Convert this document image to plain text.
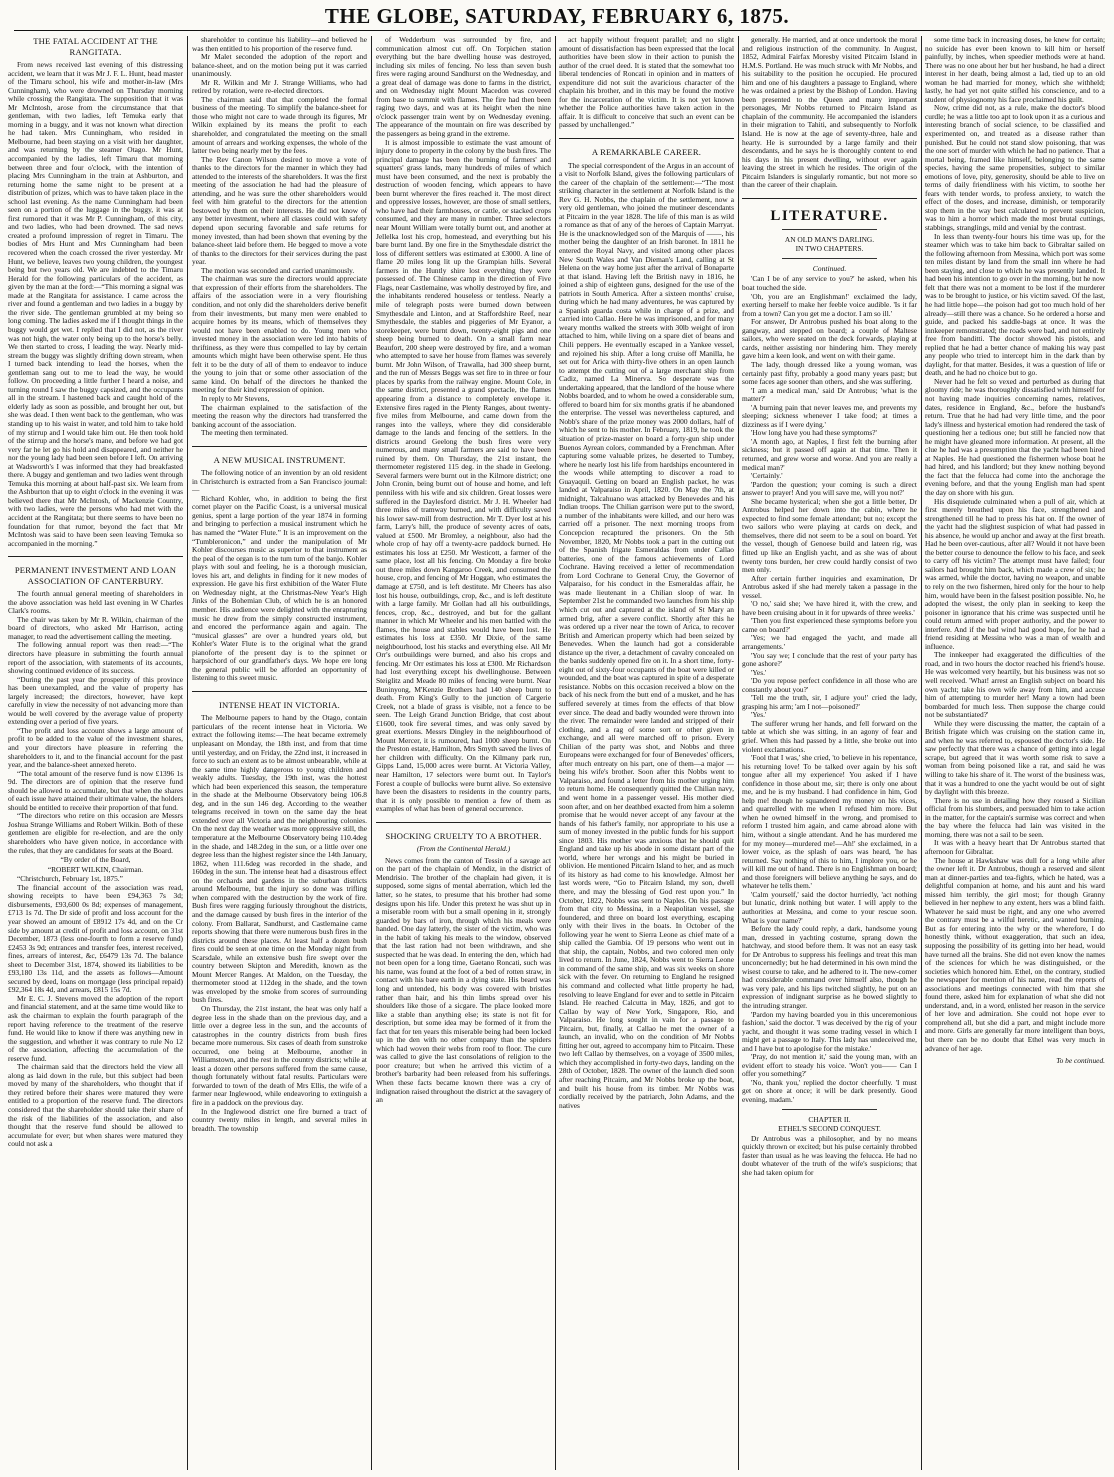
THE GLOBE, SATURDAY, FEBRUARY 6, 1875.
THE FATAL ACCIDENT AT THE RANGITATA.

From news received last evening of this distressing accident, we learn that it was Mr J. F. L. Hunt, head master of the Timaru school, his wife and mother-in-law (Mrs Cunningham), who were drowned on Thursday morning while crossing the Rangitata. The supposition that it was Mr McIntosh, arose from the circumstance that that gentleman, with two ladies, left Temuka early that morning in a buggy, and it was not known what direction he had taken. Mrs Cunningham, who resided in Melbourne, had been staying on a visit with her daughter, and was returning by the steamer Otago. Mr Hunt, accompanied by the ladies, left Timaru that morning between three and four o'clock, with the intention of placing Mrs Cunningham in the train at Ashburton, and returning home the same night to be present at a distribution of prizes, which was to have taken place in the school last evening. As the name Cunningham had been seen on a portion of the luggage in the buggy, it was at first rumored that it was Mr P. Cunningham, of this city, and two ladies, who had been drowned. The sad news created a profound impression of regret in Timaru. The bodies of Mrs Hunt and Mrs Cunningham had been recovered when the coach crossed the river yesterday. Mr Hunt, we believe, leaves two young children, the youngest being but two years old. We are indebted to the Timaru Herald for the following particulars of the accident, as given by the man at the ford:—“This morning a signal was made at the Rangitata for assistance. I came across the river and found a gentleman and two ladies in a buggy by the river side. The gentleman grumbled at my being so long coming. The ladies asked me if I thought things in the buggy would get wet. I replied that I did not, as the river was not high, the water only being up to the horse's belly. We then started to cross, I leading the way. Nearly mid-stream the buggy was slightly drifting down stream, when I turned back intending to lead the horses, when the gentleman sang out to me to lead the way, he would follow. On proceeding a little further I heard a noise, and turning round I saw the buggy capsized, and the occupants all in the stream. I hastened back and caught hold of the elderly lady as soon as possible, and brought her out, but she was dead. I then went back to the gentleman, who was standing up to his waist in water, and told him to take hold of my stirrup and I would take him out. He then took hold of the stirrup and the horse's mane, and before we had got very far he let go his hold and disappeared, and neither he nor the young lady had been seen before I left. On arriving at Wadsworth's I was informed that they had breakfasted there. A buggy and gentleman and two ladies went through Temuka this morning at about half-past six. We learn from the Ashburton that up to eight o'clock in the evening it was believed there that Mr McIntosh, of Mackenzie Country, with two ladies, were the persons who had met with the accident at the Rangitata; but there seems to have been no foundation for that rumor, beyond the fact that Mr McIntosh was said to have been seen leaving Temuka so accompanied in the morning.”

PERMANENT INVESTMENT AND LOAN ASSOCIATION OF CANTERBURY.

The fourth annual general meeting of shareholders in the above association was held last evening in W Charles Clark's rooms.

The chair was taken by Mr R. Wilkin, chairman of the board of directors, who asked Mr Harrison, acting manager, to read the advertisement calling the meeting.

The following annual report was then read:—“The directors have pleasure in submitting the fourth annual report of the association, with statements of its accounts, showing continued evidence of its success.

“During the past year the prosperity of this province has been unexampled, and the value of property has largely increased; the directors, however, have kept carefully in view the necessity of not advancing more than would be well covered by the average value of property extending over a period of five years.

“The profit and loss account shows a large amount of profit to be added to the value of the investment shares, and your directors have pleasure in referring the shareholders to it, and to the financial account for the past year, and the balance-sheet annexed hereto.

“The total amount of the reserve fund is now £1396 1s 9d. The directors are of opinion that the reserve fund should be allowed to accumulate, but that when the shares of each issue have attained their ultimate value, the holders should be entitled to receive their proportion of that fund.

“The directors who retire on this occasion are Messrs Joshua Strange Williams and Robert Wilkin. Both of these gentlemen are eligible for re-election, and are the only shareholders who have given notice, in accordance with the rules, that they are candidates for seats at the Board.

“By order of the Board,

“ROBERT WILKIN, Chairman.

“Christchurch, February 1st, 1875.”

The financial account of the association was read, showing receipts to have been £94,363 7s 3d; disbursements, £93,600 0s 8d; expenses of management, £713 1s 7d. The Dr side of profit and loss account for the year showed an amount of £8912 17s 4d, and on the Cr side by amount at credit of profit and loss account, on 31st December, 1873 (less one-fourth to form a reserve fund) £2453 3s 9d; entrances and transfer fees, interest received, fines, arrears of interest, &c, £6479 13s 7d. The balance sheet to December 31st, 1874, showed its liabilities to be £93,180 13s 11d, and the assets as follows—Amount secured by deed, loans on mortgage (less principal repaid) £92,364 18s 4d, and arrears, £815 15s 7d.

Mr E. C. J. Stevens moved the adoption of the report and financial statement, and at the same time would like to ask the chairman to explain the fourth paragraph of the report having reference to the treatment of the reserve fund. He would like to know if there was anything new in the suggestion, and whether it was contrary to rule No 12 of the association, affecting the accumulation of the reserve fund.

The chairman said that the directors held the view all along as laid down in the rule, but this subject had been moved by many of the shareholders, who thought that if they retired before their shares were matured they were entitled to a proportion of the reserve fund. The directors considered that the shareholder should take their share of the risk of the liabilities of the association, and also thought that the reserve fund should be allowed to accumulate for ever; but when shares were matured they could not ask a

shareholder to continue his liability—and believed he was then entitled to his proportion of the reserve fund.

Mr Malet seconded the adoption of the report and balance-sheet, and on the motion being put it was carried unanimously.

Mr R. Wilkin and Mr J. Strange Williams, who had retired by rotation, were re-elected directors.

The chairman said that that completed the formal business of the meeting. To simplify the balance-sheet for those who might not care to wade through its figures, Mr Wilkin explained by its means the profit to each shareholder, and congratulated the meeting on the small amount of arrears and working expenses, the whole of the latter two being nearly met by the fees.

The Rev Canon Wilson desired to move a vote of thanks to the directors for the manner in which they had attended to the interests of the shareholders. It was the first meeting of the association he had had the pleasure of attending, and he was sure the other shareholders would feel with him grateful to the directors for the attention bestowed by them on their interests. He did not know of any better investment, where all classes could with safety depend upon securing favorable and safe returns for money invested, than had been shown that evening by the balance-sheet laid before them. He begged to move a vote of thanks to the directors for their services during the past year.

The motion was seconded and carried unanimously.

The chairman was sure the directors would appreciate that expression of their efforts from the shareholders. The affairs of the association were in a very flourishing condition, and not only did the shareholders derive benefit from their investments, but many men were enabled to acquire homes by its means, which of themselves they would not have been enabled to do. Young men who invested money in the association were led into habits of thriftiness, as they were thus compelled to lay by certain amounts which might have been otherwise spent. He thus felt it to be the duty of all of them to endeavor to induce the young to join that or some other association of the same kind. On behalf of the directors he thanked the meeting for their kind expression of opinion.

In reply to Mr Stevens,

The chairman explained to the satisfaction of the meeting the reason why the directors had transferred the banking account of the association.

The meeting then terminated.

A NEW MUSICAL INSTRUMENT.

The following notice of an invention by an old resident in Christchurch is extracted from a San Francisco journal:—

Richard Kohler, who, in addition to being the first cornet player on the Pacific Coast, is a universal musical genius, spent a large portion of the year 1874 in forming and bringing to perfection a musical instrument which he has named the “Water Flute.” It is an improvement on the “Tumbleronicon,” and under the manipulation of Mr Kohler discourses music as superior to that instrument as the peal of the organ is to the tum tum of the banjo. Kohler plays with soul and feeling, he is a thorough musician, loves his art, and delights in finding for it new modes of expression. He gave his first exhibition of the Water Flute on Wednesday night, at the Christmas-New Year's High Jinks of the Bohemian Club, of which he is an honored member. His audience were delighted with the enrapturing music he drew from the simply constructed instrument, and encored the performance again and again. The “musical glasses” are over a hundred years old, but Kohler's Water Flute is to the original what the grand pianoforte of the present day is to the spinnet or harpsichord of our grandfather's days. We hope ere long the general public will be afforded an opportunity of listening to this sweet music.

INTENSE HEAT IN VICTORIA.

The Melbourne papers to hand by the Otago, contain particulars of the recent intense heat in Victoria. We extract the following items:—The heat became extremely unpleasant on Monday, the 18th inst, and from that time until yesterday, and on Friday, the 22nd inst, it increased in force to such an extent as to be almost unbearable, while at the same time highly dangerous to young children and weakly adults. Tuesday, the 19th inst, was the hottest which had been experienced this season, the temperature in the shade at the Melbourne Observatory being 106.8 deg, and in the sun 146 deg. According to the weather telegrams received in town on the same day the heat extended over all Victoria and the neighbouring colonies. On the next day the weather was more oppressive still, the temperature at the Melbourne Observatory being 110.4deg in the shade, and 148.2deg in the sun, or a little over one degree less than the highest register since the 14th January, 1862, when 111.6deg was recorded in the shade, and 160deg in the sun. The intense heat had a disastrous effect on the orchards and gardens in the suburban districts around Melbourne, but the injury so done was trifling when compared with the destruction by the work of fire. Bush fires were ragging furiously throughout the districts, and the damage caused by bush fires in the interior of the colony. From Ballarat, Sandhurst, and Castlemaine came reports showing that there were numerous bush fires in the districts around these places. At least half a dozen bush fires could be seen at one time on the Monday night from Scarsdale, while an extensive bush fire swept over the country between Skipton and Meredith, known as the Mount Mercer Ranges. At Maldon, on the Tuesday, the thermometer stood at 112deg in the shade, and the town was enveloped by the smoke from scores of surrounding bush fires.

On Thursday, the 21st instant, the heat was only half a degree less in the shade than on the previous day, and a little over a degree less in the sun, and the accounts of catastrophes in the country districts from bush fires became more numerous. Six cases of death from sunstroke occurred, one being at Melbourne, another in Williamstown, and the rest in the country districts; while at least a dozen other persons suffered from the same cause, though fortunately without fatal results. Particulars were forwarded to town of the death of Mrs Ellis, the wife of a farmer near Inglewood, while endeavoring to extinguish a fire in a paddock on the previous day.

In the Inglewood district one fire burned a tract of country twenty miles in length, and several miles in breadth. The township

of Wedderburn was surrounded by fire, and communication almost cut off. On Torpichen station everything but the bare dwelling house was destroyed, including six miles of fencing. No less than seven bush fires were raging around Sandhurst on the Wednesday, and a great deal of damage was done to farms in the district, and on Wednesday night Mount Macedon was covered from base to summit with flames. The fire had then been raging two days, and was at its height when the nine o'clock passenger train went by on Wednesday evening. The appearance of the mountain on fire was described by the passengers as being grand in the extreme.

It is almost impossible to estimate the vast amount of injury done to property in the colony by the bush fires. The principal damage has been the burning of farmers' and squatters' grass lands, many hundreds of miles of which must have been consumed, and the next is probably the destruction of wooden fencing, which appears to have been burnt wherever the fires reached it. The most direct and oppressive losses, however, are those of small settlers, who have had their farmhouses, or cattle, or stacked crops consumed, and they are many in number. Three selectors near Mount William were totally burnt out, and another at Jellelka lost his crop, homestead, and everything but his bare burnt land. By one fire in the Smythesdale district the loss of different settlers was estimated at £3000. A line of flame 20 miles long lit up the Grampian hills. Several farmers in the Huntly shire lost everything they were possessed of. The Chinese camp in the direction of Five Flags, near Castlemaine, was wholly destroyed by fire, and the inhabitants rendered houseless or tentless. Nearly a mile of telegraph posts were burned down between Smythesdale and Linton, and at Staffordshire Reef, near Smythesdale, the stables and piggeries of Mr Eyanor, a storekeeper, were burnt down, twenty-eight pigs and one sheep being burned to death. On a small farm near Beaufort, 200 sheep were destroyed by fire, and a woman who attempted to save her house from flames was severely burnt. Mr John Wilson, of Trawalla, had 300 sheep burnt, and the run of Messrs Beggs was set fire to in three or four places by sparks from the railway engine. Mount Cole, in the same district, presented a grand spectacle, the flames appearing from a distance to completely envelope it. Extensive fires raged in the Plenty Ranges, about twenty-five miles from Melbourne, and came down from the ranges into the valleys, where they did considerable damage to the lands and fencing of the settlers. In the districts around Geelong the bush fires were very numerous, and many small farmers are said to have been ruined by them. On Thursday, the 21st instant, the thermometer registered 115 deg. in the shade in Geelong. Several farmers were burnt out in the Kilmore district; one John Cronin, being burnt out of house and home, and left penniless with his wife and six children. Great losses were suffered in the Daylesford district. Mr J. H. Wheeler had three miles of tramway burned, and with difficulty saved his lower saw-mill from destruction. Mr T. Dyer lost at his farm, Larry's hill, the produce of seventy acres of oats, valued at £500. Mr Bromley, a neighbour, also had the whole crop of hay off a twenty-acre paddock burned. He estimates his loss at £250. Mr Westicott, a farmer of the same place, lost all his fencing. On Monday a fire broke out three miles down Kangaroo Creek, and consumed the house, crop, and fencing of Mr Hoggan, who estimates the damage at £750, and is left destitute. Mr Cheers has also lost his house, outbuildings, crop, &c., and is left destitute with a large family. Mr Gollan had all his outbuildings, fences, crop, &c., destroyed, and but for the gallant manner in which Mr Wheeler and his men battled with the flames, the house and stables would have been lost. He estimates his loss at £350. Mr Dixie, of the same neighbourhood, lost his stacks and everything else. All Mr Orr's outbuildings were burned, and also his crops and fencing. Mr Orr estimates his loss at £300. Mr Richardson had lost everything except his dwellinghouse. Between Steiglitz and Meade 80 miles of fencing were burnt. Near Buninyong, M'Kenzie Brothers had 140 sheep burnt to death. From King's Gully to the junction of Cargerie Creek, not a blade of grass is visible, not a fence to be seen. The Leigh Grand Junction Bridge, that cost about £1600, took fire several times, and was only saved by great exertions. Messrs Dingley in the neighbourhood of Mount Mercer, it is rumoured, had 1000 sheep burnt. On the Preston estate, Hamilton, Mrs Smyth saved the lives of her children with difficulty. On the Kilmany park run, Gipps Land, 15,000 acres were burnt. At Victoria Valley, near Hamilton, 17 selectors were burnt out. In Taylor's Forest a couple of bullocks were burnt alive. So extensive have been the disasters to residents in the country parts, that it is only possible to mention a few of them as examples of what has been of general occurrence.

SHOCKING CRUELTY TO A BROTHER.

(From the Continental Herald.)

News comes from the canton of Tessin of a savage act on the part of the chaplain of Mendiz, in the district of Mendrisio. The brother of the chaplain had given, it is supposed, some signs of mental aberration, which led the latter, so he states, to presume that his brother had some designs upon his life. Under this pretext he was shut up in a miserable room with but a small opening in it, strongly guarded by bars of iron, through which his meals were handed. One day latterly, the sister of the victim, who was in the habit of taking his meals to the window, observed that the last ration had not been withdrawn, and she suspected that he was dead. In entering the den, which had not been open for a long time, Gaetano Roncati, such was his name, was found at the foot of a bed of rotten straw, in contact with his bare earth in a dying state. His beard was long and untended, his body was covered with bristles rather than hair, and his thin limbs spread over his shoulders like those of a sicgare. The place looked more like a stable than anything else; its state is not fit for description, but some idea may be formed of it from the fact that for ten years this miserable being had been locked up in the den with no other company than the spiders which had woven their webs from roof to floor. The cure was called to give the last consolations of religion to the poor creature; but when he arrived this victim of a brother's barbarity had been released from his sufferings. When these facts became known there was a cry of indignation raised throughout the district at the savagery of an

act happily without frequent parallel; and no slight amount of dissatisfaction has been expressed that the local authorities have been slow in their action to punish the author of the cruel deed. It is stated that the somewhat too liberal tendencies of Roncati in opinion and in matters of expenditure did not suit the avaricious character of the chaplain his brother, and in this may be found the motive for the incarceration of the victim. It is not yet known whether the Police authorities have taken action in the affair. It is difficult to conceive that such an event can be passed by unchallenged.”

A REMARKABLE CAREER.

The special correspondent of the Argus in an account of a visit to Norfolk Island, gives the following particulars of the career of the chaplain of the settlement:—“The most striking character in the settlement at Norfolk Island is the Rev G. H. Nobbs, the chaplain of the settlement, now a very old gentleman, who joined the mutineer descendants at Pitcairn in the year 1828. The life of this man is as wild a romance as that of any of the heroes of Captain Marryat. He is the unacknowledged son of the Marquis of ——, his mother being the daughter of an Irish baronet. In 1811 he entered the Royal Navy, and visited among other places New South Wales and Van Dieman's Land, calling at St Helena on the way home just after the arrival of Bonaparte at that island. Having left the British navy in 1816, he joined a ship of eighteen guns, designed for the use of the patriots in South America. After a sixteen months' cruise, during which he had many adventures, he was captured by a Spanish guarda costa while in charge of a prize, and carried into Callao. Here he was imprisoned, and for many weary months walked the streets with 30lb weight of iron attached to him, while living on a spare diet of beans and Chili peppers. He eventually escaped in a Yankee vessel, and rejoined his ship. After a long cruise off Manilla, he set out for Arica with thirty-five others in an open launch to attempt the cutting out of a large merchant ship from Cadiz, named La Minerva. So desperate was the undertaking appeared, that the landlord of the house where Nobbs boarded, and to whom he owed a considerable sum, offered to board him for six months gratis if he abandoned the enterprise. The vessel was nevertheless captured, and Nobb's share of the prize money was 2000 dollars, half of which he sent to his mother. In February, 1819, he took the situation of prize-master on board a forty-gun ship under Buenos Ayrean colors, commanded by a Frenchman. After capturing some valuable prizes, he deserted to Tumbey, where he nearly lost his life from hardships encountered in the woods while attempting to discover a road to Guayaquil. Getting on board an English packet, he was landed at Valparaiso in April, 1820. On May the 7th, at midnight, Talcahuano was attacked by Benevedes and his Indian troops. The Chilian garrison were put to the sword, a number of the inhabitants were killed, and our hero was carried off a prisoner. The next morning troops from Concepcion recaptured the prisoners. On the 5th November, 1820, Mr Nobbs took a part in the cutting out of the Spanish frigate Esmeraldas from under Callao batteries, one of the famous achievements of Lord Cochrane. Having received a letter of recommendation from Lord Cochrane to General Cruy, the Governor of Valparaiso, for his conduct in the Esmeraldas affair, he was made lieutenant in a Chilian sloop of war. In September 21st he commanded two launches from his ship which cut out and captured at the island of St Mary an armed brig, after a severe conflict. Shortly after this he was ordered up a river near the town of Arica, to recover British and American property which had been seized by Benevedes. When the launch had got a considerable distance up the river, a detachment of cavalry concealed on the banks suddenly opened fire on it. In a short time, forty-eight out of sixty-four occupants of the boat were killed or wounded, and the boat was captured in spite of a desperate resistance. Nobbs on this occasion received a blow on the back of his neck from the butt end of a musket, and he has suffered severely at times from the effects of that blow ever since. The dead and badly wounded were thrown into the river. The remainder were landed and stripped of their clothing, and a rag of some sort or other given in exchange, and all were marched off to prison. Every Chilian of the party was shot, and Nobbs and three Europeans were exchanged for four of Benevedes' officers, after much entreaty on his part, one of them—a major —being his wife's brother. Soon after this Nobbs went to Valparaiso, and found a letter from his mother urging him to return home. He consequently quitted the Chilian navy, and went home in a passenger vessel. His mother died soon after, and on her deathbed exacted from him a solemn promise that he would never accept of any favour at the hands of his father's family, nor appropriate to his use a sum of money invested in the public funds for his support since 1803. His mother was anxious that he should quit England and take up his abode in some distant part of the world, where her wrongs and his might be buried in oblivion. He mentioned Pitcairn Island to her, and as much of its history as had come to his knowledge. Almost her last words were, “Go to Pitcairn Island, my son, dwell there, and may the blessing of God rest upon you.” In October, 1822, Nobbs was sent to Naples. On his passage from that city to Messina, in a Neapolitan vessel, she foundered, and three on board lost everything, escaping only with their lives in the boats. In October of the following year he went to Sierra Leone as chief mate of a ship called the Gambia. Of 19 persons who went out in that ship, the captain, Nobbs, and two colored men only lived to return. In June, 1824, Nobbs went to Sierra Leone in command of the same ship, and was six weeks on shore sick with the fever. On returning to England he resigned his command and collected what little property he had, resolving to leave England for ever and to settle in Pitcairn Island. He reached Calcutta in May, 1826, and got to Callao by way of New York, Singapore, Rio, and Valparaiso. He long sought in vain for a passage to Pitcairn, but, finally, at Callao he met the owner of a launch, an invalid, who on the condition of Mr Nobbs fitting her out, agreed to accompany him to Pitcairn. These two left Callao by themselves, on a voyage of 3500 miles, which they accomplished in forty-two days, landing on the 28th of October, 1828. The owner of the launch died soon after reaching Pitcairn, and Mr Nobbs broke up the boat, and built his house from its timber. Mr Nobbs was cordially received by the patriarch, John Adams, and the natives

generally. He married, and at once undertook the moral and religious instruction of the community. In August, 1852, Admiral Fairfax Moresby visited Pitcairn Island in H.M.S. Portland. He was much struck with Mr Nobbs, and his suitability to the position he occupied. He procured him and one of his daughters a passage to England, where he was ordained a priest by the Bishop of London. Having been presented to the Queen and many important personages, Mr Nobbs returned to Pitcairn Island as chaplain of the community. He accompanied the islanders in their migration to Tahiti, and subsequently to Norfolk Island. He is now at the age of seventy-three, hale and hearty. He is surrounded by a large family and their descendants, and he says he is thoroughly content to end his days in his present dwelling, without ever again leaving the street in which he resides. The origin of the Pitcairn Islanders is singularly romantic, but not more so than the career of their chaplain.

LITERATURE.

AN OLD MAN'S DARLING.

IN TWO CHAPTERS.

Continued.

'Can I be of any service to you?' he asked, when his boat touched the side.

'Oh, you are an Englishman!' exclaimed the lady, exerting herself to make her feeble voice audible. 'Is it far from a town? Can you get me a doctor. I am so ill.'

For answer, Dr Antrobus pushed his boat along to the gangway, and stepped on board; a couple of Maltese sailors, who were seated on the deck forwards, playing at cards, neither assisting nor hindering him. They merely gave him a keen look, and went on with their game.

The lady, though dressed like a young woman, was certainly past fifty, probably a good many years past; but some faces age sooner than others, and she was suffering.

'I am a medical man,' said Dr Antrobus; 'what is the matter?'

'A burning pain that never leaves me, and prevents my sleeping; sickness whenever I take food; at times a dizziness as if I were dying.'

'How long have you had these symptoms?'

'A month ago, at Naples, I first felt the burning after sickness; but it passed off again at that time. Then it returned, and grew worse and worse. And you are really a medical man?'

'Certainly.'

'Pardon the question; your coming is such a direct answer to prayer! And you will save me, will you not?'

She became hysterical; when she got a little better, Dr Antrobus helped her down into the cabin, where he expected to find some female attendant; but no; except the two sailors who were playing at cards on deck, and themselves, there did not seem to be a soul on board. Yet the vessel, though of Genoese build and lateen rig, was fitted up like an English yacht, and as she was of about twenty tons burden, her crew could hardly consist of two men only.

After certain further inquiries and examination, Dr Antrobus asked if she had merely taken a passage in the vessel.

'O no,' said she; 'we have hired it, with the crew, and have been cruising about in it for upwards of three weeks.'

'Then you first experienced these symptoms before you came on board?'

'Yes; we had engaged the yacht, and made all arrangements.'

'You say we; I conclude that the rest of your party has gone ashore?'

'Yes.'

'Do you repose perfect confidence in all those who are constantly about you?'

'Tell me the truth, sir, I adjure you!' cried the lady, grasping his arm; 'am I not—poisoned?'

'Yes.'

The sufferer wrung her hands, and fell forward on the table at which she was sitting, in an agony of fear and grief. When this had passed by a little, she broke out into violent exclamations.

'Fool that I was,' she cried, 'to believe in his repentance, his returning love! To be talked over again by his soft tongue after all my experience! You asked if I have confidence in those about me, sir; there is only one about me, and he is my husband. I had confidence in him, God help me! though he squandered my money on his vices, and quarrelled with me when I refused him more. But when he owned himself in the wrong, and promised to reform I trusted him again, and came abroad alone with him, without a single attendant. And he has murdered me for my money—murdered me!—Ah!' she exclaimed, in a lower voice, as the splash of oars was heard, 'he has returned. Say nothing of this to him, I implore you, or he will kill me out of hand. There is no Englishman on board; and those foreigners will believe anything he says, and do whatever he tells them.'

'Calm yourself,' said the doctor hurriedly, 'act nothing but lunatic, drink nothing but water. I will apply to the authorities at Messina, and come to your rescue soon. What is your name?'

Before the lady could reply, a dark, handsome young man, dressed in yachting costume, sprang down the hatchway, and stood before them. It was not an easy task for Dr Antrobus to suppress his feelings and treat this man unconcernedly; but he had determined in his own mind the wisest course to take, and he adhered to it. The new-comer had considerable command over himself also, though he was very pale, and his lips twitched slightly, he put on an expression of indignant surprise as he bowed slightly to the intruding stranger.

'Pardon my having boarded you in this unceremonious fashion,' said the doctor. 'I was deceived by the rig of your yacht, and thought it was some trading vessel in which I might get a passage to Italy. This lady has undeceived me, and I have but to apologise for the mistake.'

'Pray, do not mention it,' said the young man, with an evident effort to steady his voice. 'Won't you—— Can I offer you something?'

'No, thank you,' replied the doctor cheerfully. 'I must get on shore at once; it will be dark presently. Good evening, madam.'

CHAPTER II.

ETHEL'S SECOND CONQUEST.

Dr Antrobus was a philosopher, and by no means quickly thrown or excited; but his pulse certainly throbbed faster than usual as he was leaving the felucca. He had no doubt whatever of the truth of the wife's suspicions; that she had taken opium for

some time back in increasing doses, he knew for certain; no suicide has ever been known to kill him or herself painfully, by inches, when speedier methods were at hand. There was no one about her but her husband, he had a direct interest in her death, being almost a lad, tied up to an old woman he had married for money, which she withheld; lastly, he had yet not quite stifled his conscience, and to a student of physiognomy his face proclaimed his guilt.

Now, crime did not, as a rule, make the doctor's blood curdle; he was a little too apt to look upon it as a curious and interesting branch of social science, to be classified and experimented on, and treated as a disease rather than punished. But he could not stand slow poisoning, that was the one sort of murder with which he had no patience. That a mortal being, framed like himself, belonging to the same species, having the same propensities, subject to similar emotions of love, pity, generosity, should be able to live on terms of daily friendliness with his victim, to soothe her fears with tender words, to profess anxiety, to watch the effect of the doses, and increase, diminish, or temporarily stop them in the way best calculated to prevent suspicion, was to him a horror which made the most brutal cuttings, stabbings, stranglings, mild and venial by the contrast.

In less than twenty-four hours his time was up, for the steamer which was to take him back to Gibraltar sailed on the following afternoon from Messina, which port was some ten miles distant by land from the small inn where he had been staying, and close to which he was presently landed. It had been his intention to go over in the morning, but he now felt that there was not a moment to be lost if the murderer was to be brought to justice, or his victim saved. Of the last, he had little hope—the poison had got too much hold of her already—still there was a chance. So he ordered a horse and guide, and packed his saddle-bags at once. It was the innkeeper remonstrated; the roads were bad, and not entirely free from banditti. The doctor showed his pistols, and replied that he had a better chance of making his way past any people who tried to intercept him in the dark than by daylight, for that matter. Besides, it was a question of life or death, and he had no choice but to go.

Never had he felt so vexed and perturbed as during that gloomy ride; he was thoroughly dissatisfied with himself for not having made inquiries concerning names, relatives, dates, residence in England, &c., before the husband's return. True that he had had very little time, and the poor lady's illness and hysterical emotion had rendered the task of questioning her a tedious one; but still he fancied now that he might have gleaned more information. At present, all the clue he had was a presumption that the yacht had been hired at Naples. He had questioned the fishermen whose boat he had hired, and his landlord; but they knew nothing beyond the fact that the felucca had come into the anchorage the evening before, and that the young English man had spent the day on shore with his gun.

His disquietude culminated when a pull of air, which at first merely breathed upon his face, strengthened and strengthened till he had to press his hat on. If the owner of the yacht had the slightest suspicion of what had passed in his absence, he would up anchor and away at the first breath. Had he been over-cautious, after all? Would it not have been the better course to denounce the fellow to his face, and seek to carry off his victim? The attempt must have failed; four sailors had brought him back, which made a crew of six; he was armed, while the doctor, having no weapon, and unable to rely on the two fishermen, hired only for the hour to help him, would have been in the falsest position possible. No, he adopted the wisest, the only plan in seeking to keep the poisoner in ignorance that his crime was suspected until he could return armed with proper authority, and the power to interfere. And if the bad wind had good hope, for he had a friend residing at Messina who was a man of wealth and influence.

The innkeeper had exaggerated the difficulties of the road, and in two hours the doctor reached his friend's house. He was welcomed very heartily, but his business was not so well received. 'What! arrest an English subject on board his own yacht; take his own wife away from him, and accuse him of attempting to murder her! Many a town had been bombarded for much less. Then suppose the charge could not be substantiated?'

While they were discussing the matter, the captain of a British frigate which was cruising on the station came in, and when he was referred to, espoused the doctor's side. He saw perfectly that there was a chance of getting into a legal scrape, but agreed that it was worth some risk to save a woman from being poisoned like a rat, and said he was willing to take his share of it. The worst of the business was, that it was a hundred to one the yacht would be out of sight by daylight with this breeze.

There is no use in detailing how they roused a Sicilian official from his slumbers, and persuaded him to take action in the matter, for the captain's surmise was correct and when the bay where the felucca had lain was visited in the morning, there was not a sail to be seen.

It was with a heavy heart that Dr Antrobus started that afternoon for Gibraltar.

The house at Hawkshaw was dull for a long while after the owner left it. Dr Antrobus, though a reserved and silent man at dinner-parties and tea-fights, which he hated, was a delightful companion at home, and his aunt and his ward missed him terribly, the girl most; for though Granny believed in her nephew to any extent, hers was a blind faith. Whatever he said must be right, and any one who averred the contrary must be a wilful heretic, and wanted burning. But as for entering into the why or the wherefore, I do honestly think, without exaggeration, that such an idea, supposing the possibility of its getting into her head, would have turned all the brains. She did not even know the names of the sciences for which he was distinguished, or the societies which honored him. Ethel, on the contrary, studied the newspaper for mention of his name, read the reports of associations and meetings connected with him that she found there, asked him for explanation of what she did not understand, and, in a word, enlisted her reason in the service of her love and admiration. She could not hope ever to comprehend all, but she did a part, and might include more and more. Girls are generally far more intelligent than boys, but there can be no doubt that Ethel was very much in advance of her age.

To be continued.
